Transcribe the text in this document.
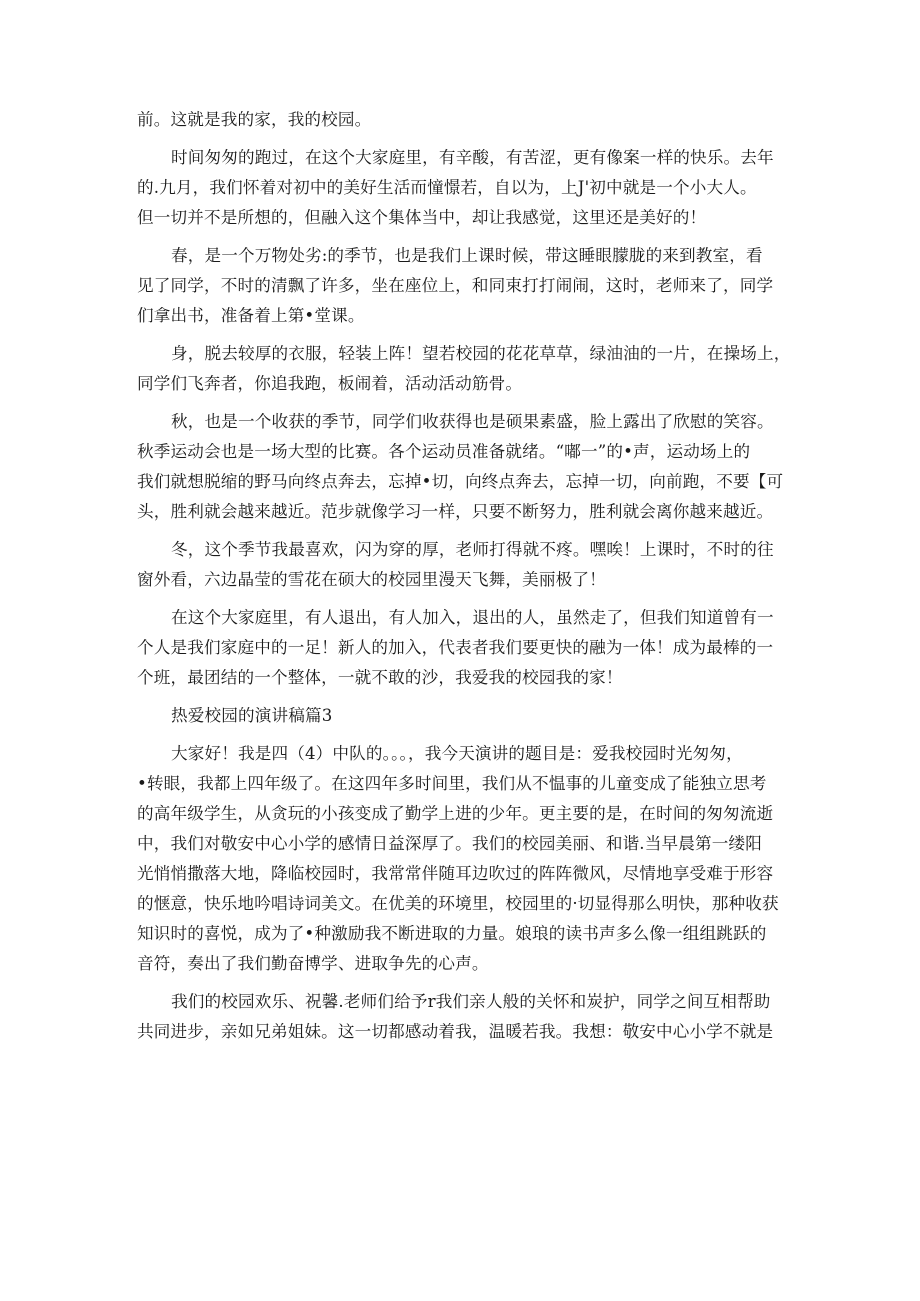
前。这就是我的家，我的校园。
时间匆匆的跑过，在这个大家庭里，有辛酸，有苦涩，更有像案一样的快乐。去年
的.九月，我们怀着对初中的美好生活而憧憬若，自以为，上J'初中就是一个小大人。
但一切并不是所想的，但融入这个集体当中，却让我感觉，这里还是美好的！
春，是一个万物处劣:的季节，也是我们上课时候，带这睡眼朦胧的来到教室，看
见了同学，不时的清飘了许多，坐在座位上，和同束打打闹闹，这时，老师来了，同学
们拿出书，准备着上第•堂课。
身，脱去较厚的衣服，轻装上阵！望若校园的花花草草，绿油油的一片，在操场上，
同学们飞奔者，你追我跑，板闹着，活动活动筋骨。
秋，也是一个收获的季节，同学们收获得也是硕果素盛，脸上露出了欣慰的笑容。
秋季运动会也是一场大型的比赛。各个运动员准备就绪。“嘟一”的•声，运动场上的
我们就想脱缩的野马向终点奔去，忘掉•切，向终点奔去，忘掉一切，向前跑，不要【可
头，胜利就会越来越近。范步就像学习一样，只要不断努力，胜利就会离你越来越近。
冬，这个季节我最喜欢，闪为穿的厚，老师打得就不疼。嘿唉！上课时，不时的往
窗外看，六边晶莹的雪花在硕大的校园里漫天飞舞，美丽极了！
在这个大家庭里，有人退出，有人加入，退出的人，虽然走了，但我们知道曾有一
个人是我们家庭中的一足！新人的加入，代表者我们要更快的融为一体！成为最棒的一
个班，最团结的一个整体，一就不敢的沙，我爱我的校园我的家！
热爱校园的演讲稿篇3
大家好！我是四（4）中队的。。。，我今天演讲的题目是：爱我校园时光匆匆，
•转眼，我都上四年级了。在这四年多时间里，我们从不愠事的儿童变成了能独立思考
的高年级学生，从贪玩的小孩变成了勤学上进的少年。更主要的是，在时间的匆匆流逝
中，我们对敬安中心小学的感情日益深厚了。我们的校园美丽、和谐.当早晨第一缕阳
光悄悄撒落大地，降临校园时，我常常伴随耳边吹过的阵阵微风，尽情地享受难于形容
的惬意，快乐地吟唱诗词美文。在优美的环境里，校园里的·切显得那么明快，那种收获
知识时的喜悦，成为了•种激励我不断进取的力量。娘琅的读书声多么像一组组跳跃的
音符，奏出了我们勤奋博学、进取争先的心声。
我们的校园欢乐、祝馨.老师们给予r我们亲人般的关怀和炭护，同学之间互相帮助
共同进步，亲如兄弟姐妹。这一切都感动着我，温暖若我。我想：敬安中心小学不就是
